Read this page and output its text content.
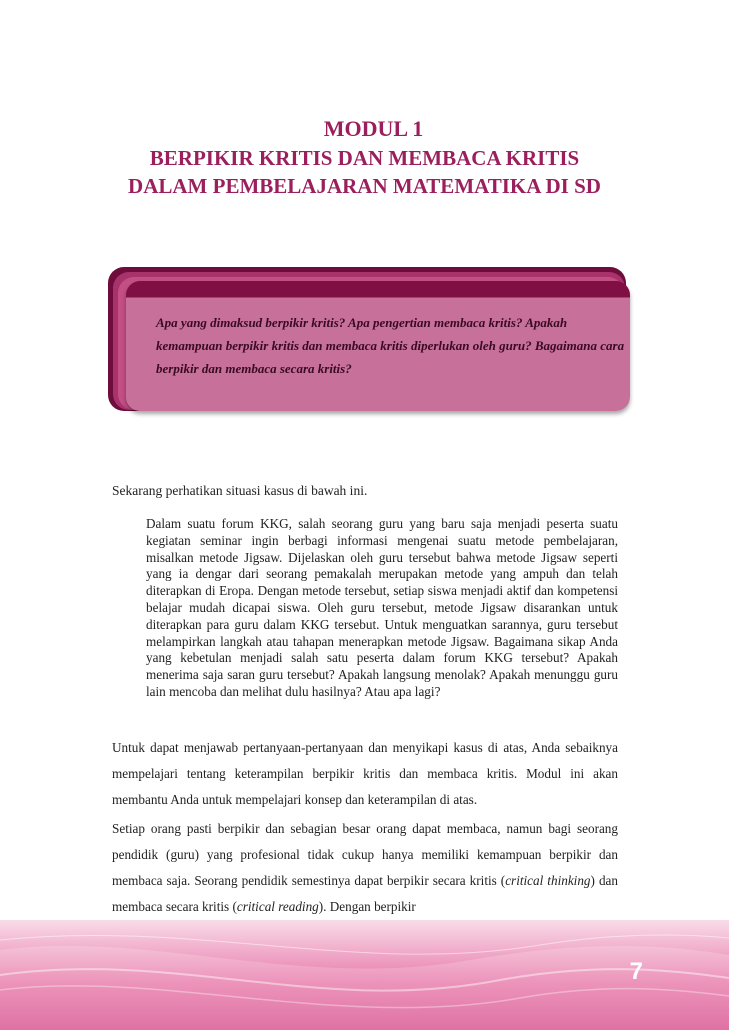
MODUL 1
BERPIKIR KRITIS DAN MEMBACA KRITIS
DALAM PEMBELAJARAN MATEMATIKA DI SD

Apa yang dimaksud berpikir kritis? Apa pengertian membaca kritis? Apakah kemampuan berpikir kritis dan membaca kritis diperlukan oleh guru? Bagaimana cara berpikir dan membaca secara kritis?

Sekarang perhatikan situasi kasus di bawah ini.

Dalam suatu forum KKG, salah seorang guru yang baru saja menjadi peserta suatu kegiatan seminar ingin berbagi informasi mengenai suatu metode pembelajaran, misalkan metode Jigsaw. Dijelaskan oleh guru tersebut bahwa metode Jigsaw seperti yang ia dengar dari seorang pemakalah merupakan metode yang ampuh dan telah diterapkan di Eropa. Dengan metode tersebut, setiap siswa menjadi aktif dan kompetensi belajar mudah dicapai siswa. Oleh guru tersebut, metode Jigsaw disarankan untuk diterapkan para guru dalam KKG tersebut. Untuk menguatkan sarannya, guru tersebut melampirkan langkah atau tahapan menerapkan metode Jigsaw. Bagaimana sikap Anda yang kebetulan menjadi salah satu peserta dalam forum KKG tersebut? Apakah menerima saja saran guru tersebut? Apakah langsung menolak? Apakah menunggu guru lain mencoba dan melihat dulu hasilnya? Atau apa lagi?

Untuk dapat menjawab pertanyaan-pertanyaan dan menyikapi kasus di atas, Anda sebaiknya mempelajari tentang keterampilan berpikir kritis dan membaca kritis. Modul ini akan membantu Anda untuk mempelajari konsep dan keterampilan di atas.

Setiap orang pasti berpikir dan sebagian besar orang dapat membaca, namun bagi seorang pendidik (guru) yang profesional tidak cukup hanya memiliki kemampuan berpikir dan membaca saja. Seorang pendidik semestinya dapat berpikir secara kritis (critical thinking) dan membaca secara kritis (critical reading). Dengan berpikir

7
